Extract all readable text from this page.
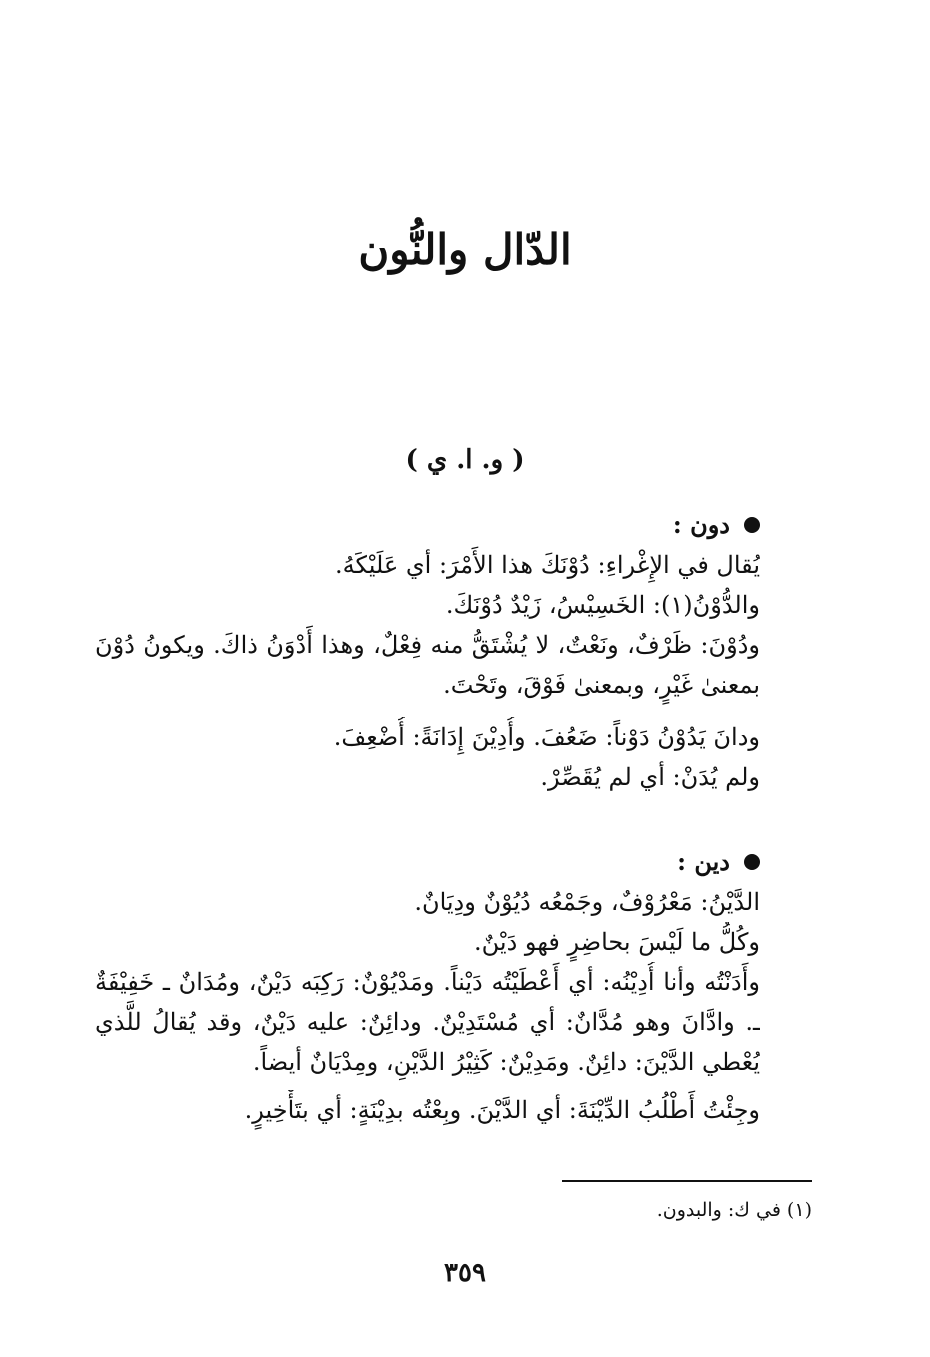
الدّال والنُّون
( و. ا. ي )
دون :
يُقال في الإِغْراءِ: دُوْنَكَ هذا الأَمْرَ: أي عَلَيْكَهُ.
والدُّوْنُ(١): الخَسِيْسُ، زَيْدٌ دُوْنَكَ.
ودُوْنَ: ظَرْفٌ، ونَعْتٌ، لا يُشْتَقُّ منه فِعْلٌ، وهذا أَدْوَنُ ذاكَ. ويكونُ دُوْنَ بمعنىٰ غَيْرٍ، وبمعنىٰ فَوْقَ، وتَحْتَ.
ودانَ يَدُوْنُ دَوْناً: ضَعُفَ. وأُدِيْنَ إِدَانَةً: أُضْعِفَ.
ولم يُدَنْ: أي لم يُقَصِّرْ.
دين :
الدَّيْنُ: مَعْرُوْفٌ، وجَمْعُه دُيُوْنٌ ودِيَانٌ.
وكُلُّ ما لَيْسَ بحاضِرٍ فهو دَيْنٌ.
وأَدَنْتُه وأنا أُدِيْنُه: أي أَعْطَيْتُه دَيْناً. ومَدْيُوْنٌ: رَكِبَه دَيْنٌ، ومُدَانٌ ـ خَفِيْفَةٌ ـ. وادَّانَ وهو مُدَّانٌ: أي مُسْتَدِيْنٌ. ودائِنٌ: عليه دَيْنٌ، وقد يُقالُ للَّذي يُعْطي الدَّيْنَ: دائِنٌ. ومَدِيْنٌ: كَثِيْرُ الدَّيْنِ، ومِدْيَانٌ أيضاً.
وجِئْتُ أَطْلُبُ الدِّيْنَةَ: أي الدَّيْنَ. وبِعْتُه بدِيْنَةٍ: أي بتَأْخِيرٍ.
(١) في ك: والبدون.
٣٥٩
